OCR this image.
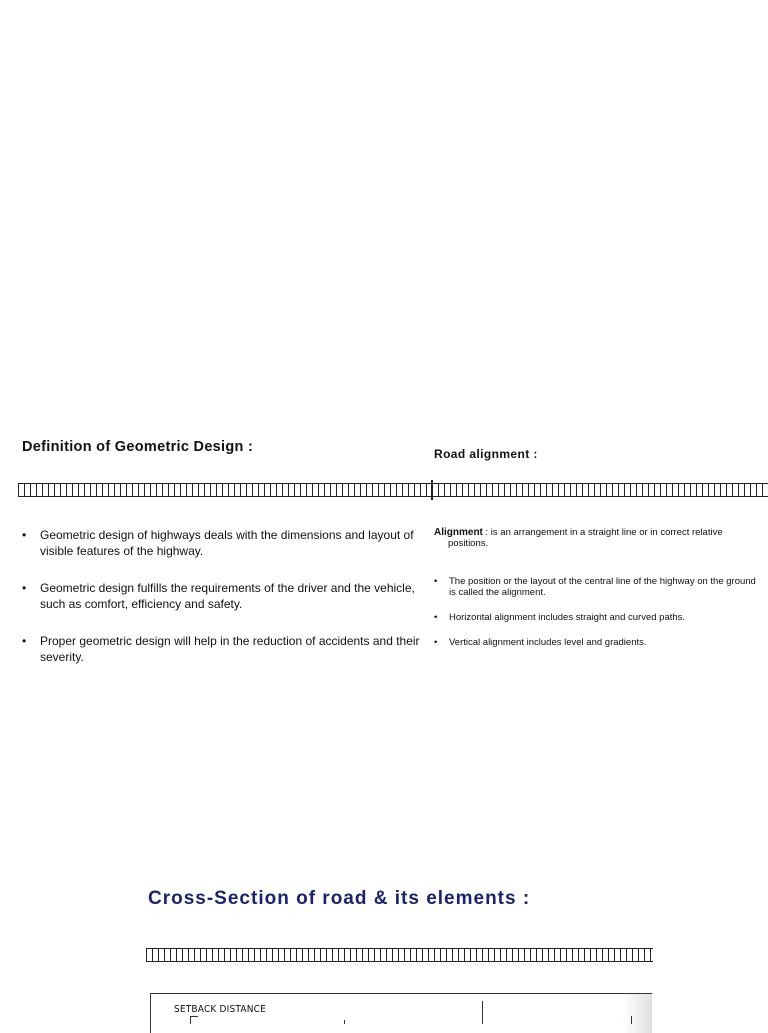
Definition of Geometric Design :	Road alignment :
• Geometric design of highways deals with the dimensions and layout of visible features of the highway.
• Geometric design fulfills the requirements of the driver and the vehicle, such as comfort, efficiency and safety.
• Proper geometric design will help in the reduction of accidents and their severity.

Alignment : is an arrangement in a straight line or in correct relative
positions.

• The position or the layout of the central line of the highway on the ground is called the alignment.
• Horizontal alignment includes straight and curved paths.
• Vertical alignment includes level and gradients.
Cross-Section of road & its elements :
SETBACK DISTANCE
